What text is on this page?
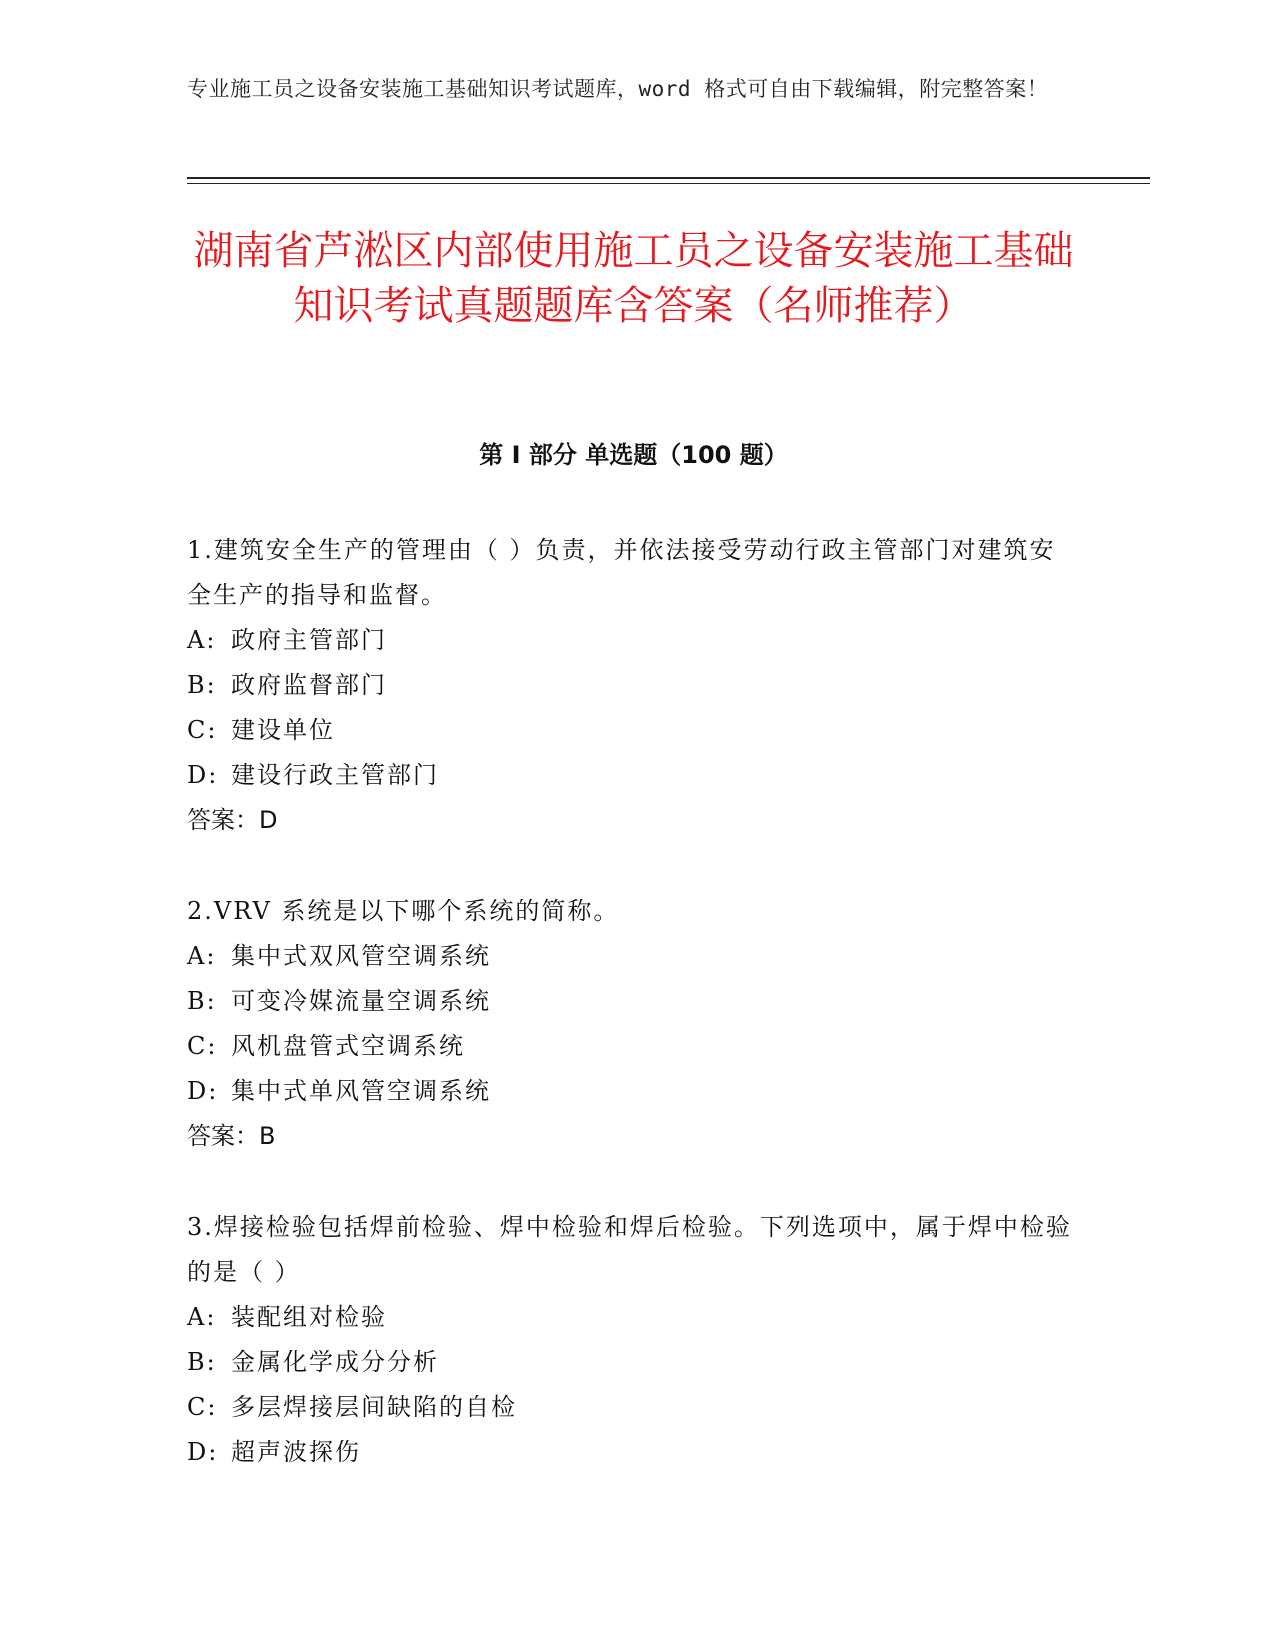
专业施工员之设备安装施工基础知识考试题库，word 格式可自由下载编辑，附完整答案！
湖南省芦淞区内部使用施工员之设备安装施工基础知识考试真题题库含答案（名师推荐）
第 I 部分 单选题（100 题）
1.建筑安全生产的管理由（ ）负责，并依法接受劳动行政主管部门对建筑安全生产的指导和监督。
A: 政府主管部门
B: 政府监督部门
C: 建设单位
D: 建设行政主管部门
答案：D
2.VRV 系统是以下哪个系统的简称。
A: 集中式双风管空调系统
B: 可变冷媒流量空调系统
C: 风机盘管式空调系统
D: 集中式单风管空调系统
答案：B
3.焊接检验包括焊前检验、焊中检验和焊后检验。下列选项中，属于焊中检验的是（ ）
A: 装配组对检验
B: 金属化学成分分析
C: 多层焊接层间缺陷的自检
D: 超声波探伤
